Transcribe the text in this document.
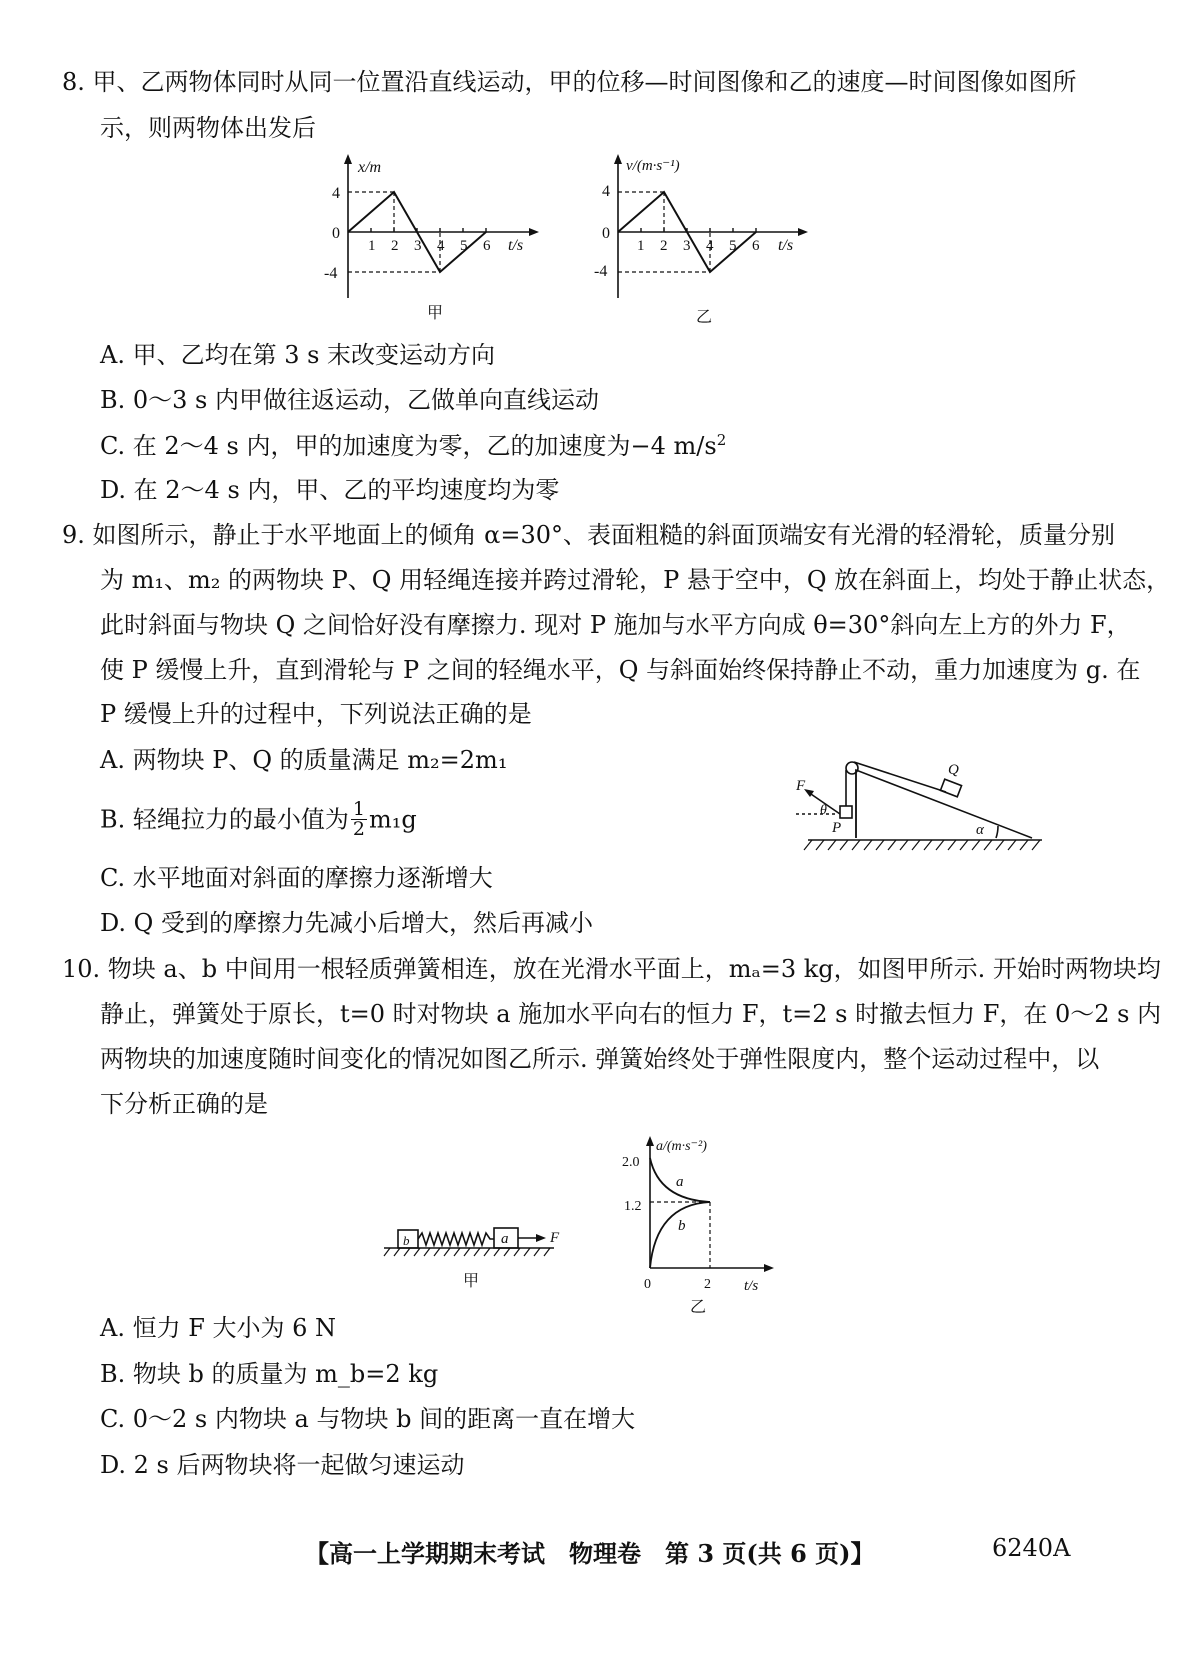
8. 甲、乙两物体同时从同一位置沿直线运动，甲的位移—时间图像和乙的速度—时间图像如图所
示，则两物体出发后
x/m
t/s
4
0
-4
1 2 3 4 5 6
甲
v/(m·s⁻¹)
t/s
4
0
-4
1 2 3 4 5 6
乙
A. 甲、乙均在第 3 s 末改变运动方向
B. 0～3 s 内甲做往返运动，乙做单向直线运动
C. 在 2～4 s 内，甲的加速度为零，乙的加速度为−4 $m/s^2$
D. 在 2～4 s 内，甲、乙的平均速度均为零
9. 如图所示，静止于水平地面上的倾角 α=30°、表面粗糙的斜面顶端安有光滑的轻滑轮，质量分别
为 m₁、m₂ 的两物块 P、Q 用轻绳连接并跨过滑轮，P 悬于空中，Q 放在斜面上，均处于静止状态，
此时斜面与物块 Q 之间恰好没有摩擦力. 现对 P 施加与水平方向成 θ=30°斜向左上方的外力 F，
使 P 缓慢上升，直到滑轮与 P 之间的轻绳水平，Q 与斜面始终保持静止不动，重力加速度为 g. 在
P 缓慢上升的过程中，下列说法正确的是
A. 两物块 P、Q 的质量满足 m₂=2m₁
B. 轻绳拉力的最小值为 $\frac{1}{2} m_1g$
C. 水平地面对斜面的摩擦力逐渐增大
D. Q 受到的摩擦力先减小后增大，然后再减小
F
θ
P
Q
α
10. 物块 a、b 中间用一根轻质弹簧相连，放在光滑水平面上，mₐ=3 kg，如图甲所示. 开始时两物块均
静止，弹簧处于原长，t=0 时对物块 a 施加水平向右的恒力 F，t=2 s 时撤去恒力 F，在 0～2 s 内
两物块的加速度随时间变化的情况如图乙所示. 弹簧始终处于弹性限度内，整个运动过程中，以
下分析正确的是
b	a	F
甲
a/(m·s⁻²)
t/s
2.0
1.2
0	2
a
b
乙
A. 恒力 F 大小为 6 N
B. 物块 b 的质量为 m_b=2 kg
C. 0～2 s 内物块 a 与物块 b 间的距离一直在增大
D. 2 s 后两物块将一起做匀速运动
【高一上学期期末考试　物理卷　第 3 页(共 6 页)】	6240A
